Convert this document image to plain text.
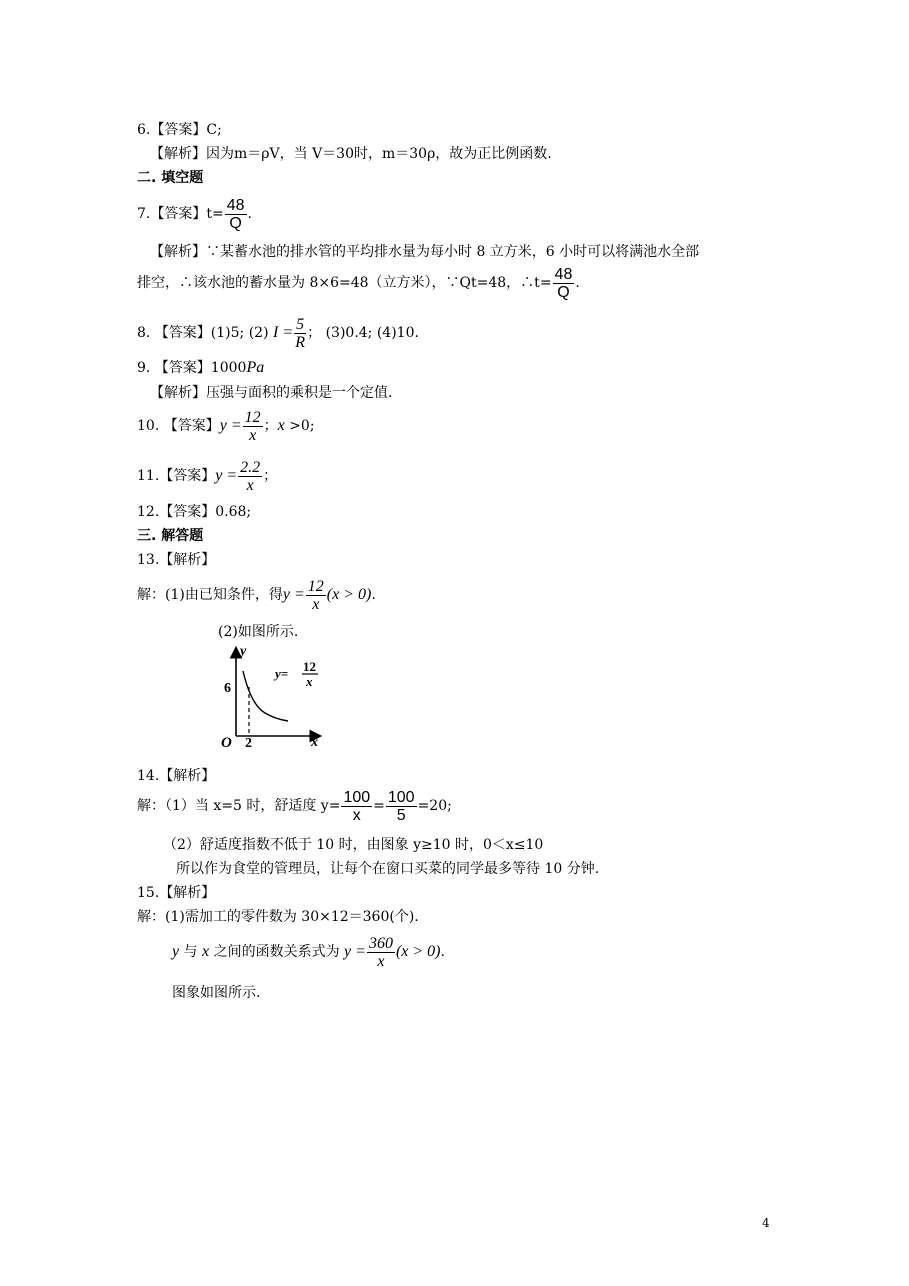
6.【答案】C;
【解析】因为m＝ρV，当 V＝30时，m＝30ρ，故为正比例函数.
二. 填空题
7.【答案】$t= \frac{48}{Q}$ .
【解析】∵某蓄水池的排水管的平均排水量为每小时 8 立方米，6 小时可以将满池水全部
排空，∴该水池的蓄水量为 8×6=48（立方米），∵Qt=48，∴t= $\frac{48}{Q}$ .
8. 【答案】(1)5; (2) $I = \frac{5}{R}$ ； (3)0.4; (4)10.
9. 【答案】1000Pa
【解析】压强与面积的乘积是一个定值.
10. 【答案】$y = \frac{12}{x}$ ；x >0;
11.【答案】$y = \frac{2.2}{x}$ ；
12.【答案】0.68;
三. 解答题
13.【解析】
解：(1)由已知条件，得$y = \frac{12}{x} (x > 0)$.
(2)如图所示.
y
x
O 2
6
y= 12
x
14.【解析】
解：（1）当 x=5 时，舒适度 $y= \frac{100}{x} = \frac{100}{5} =20$;
（2）舒适度指数不低于 10 时，由图象 y≥10 时，0＜x≤10
所以作为食堂的管理员，让每个在窗口买菜的同学最多等待 10 分钟.
15.【解析】
解：(1)需加工的零件数为 30×12＝360(个).
y 与 x 之间的函数关系式为 $y = \frac{360}{x} (x > 0)$.
图象如图所示.
4
